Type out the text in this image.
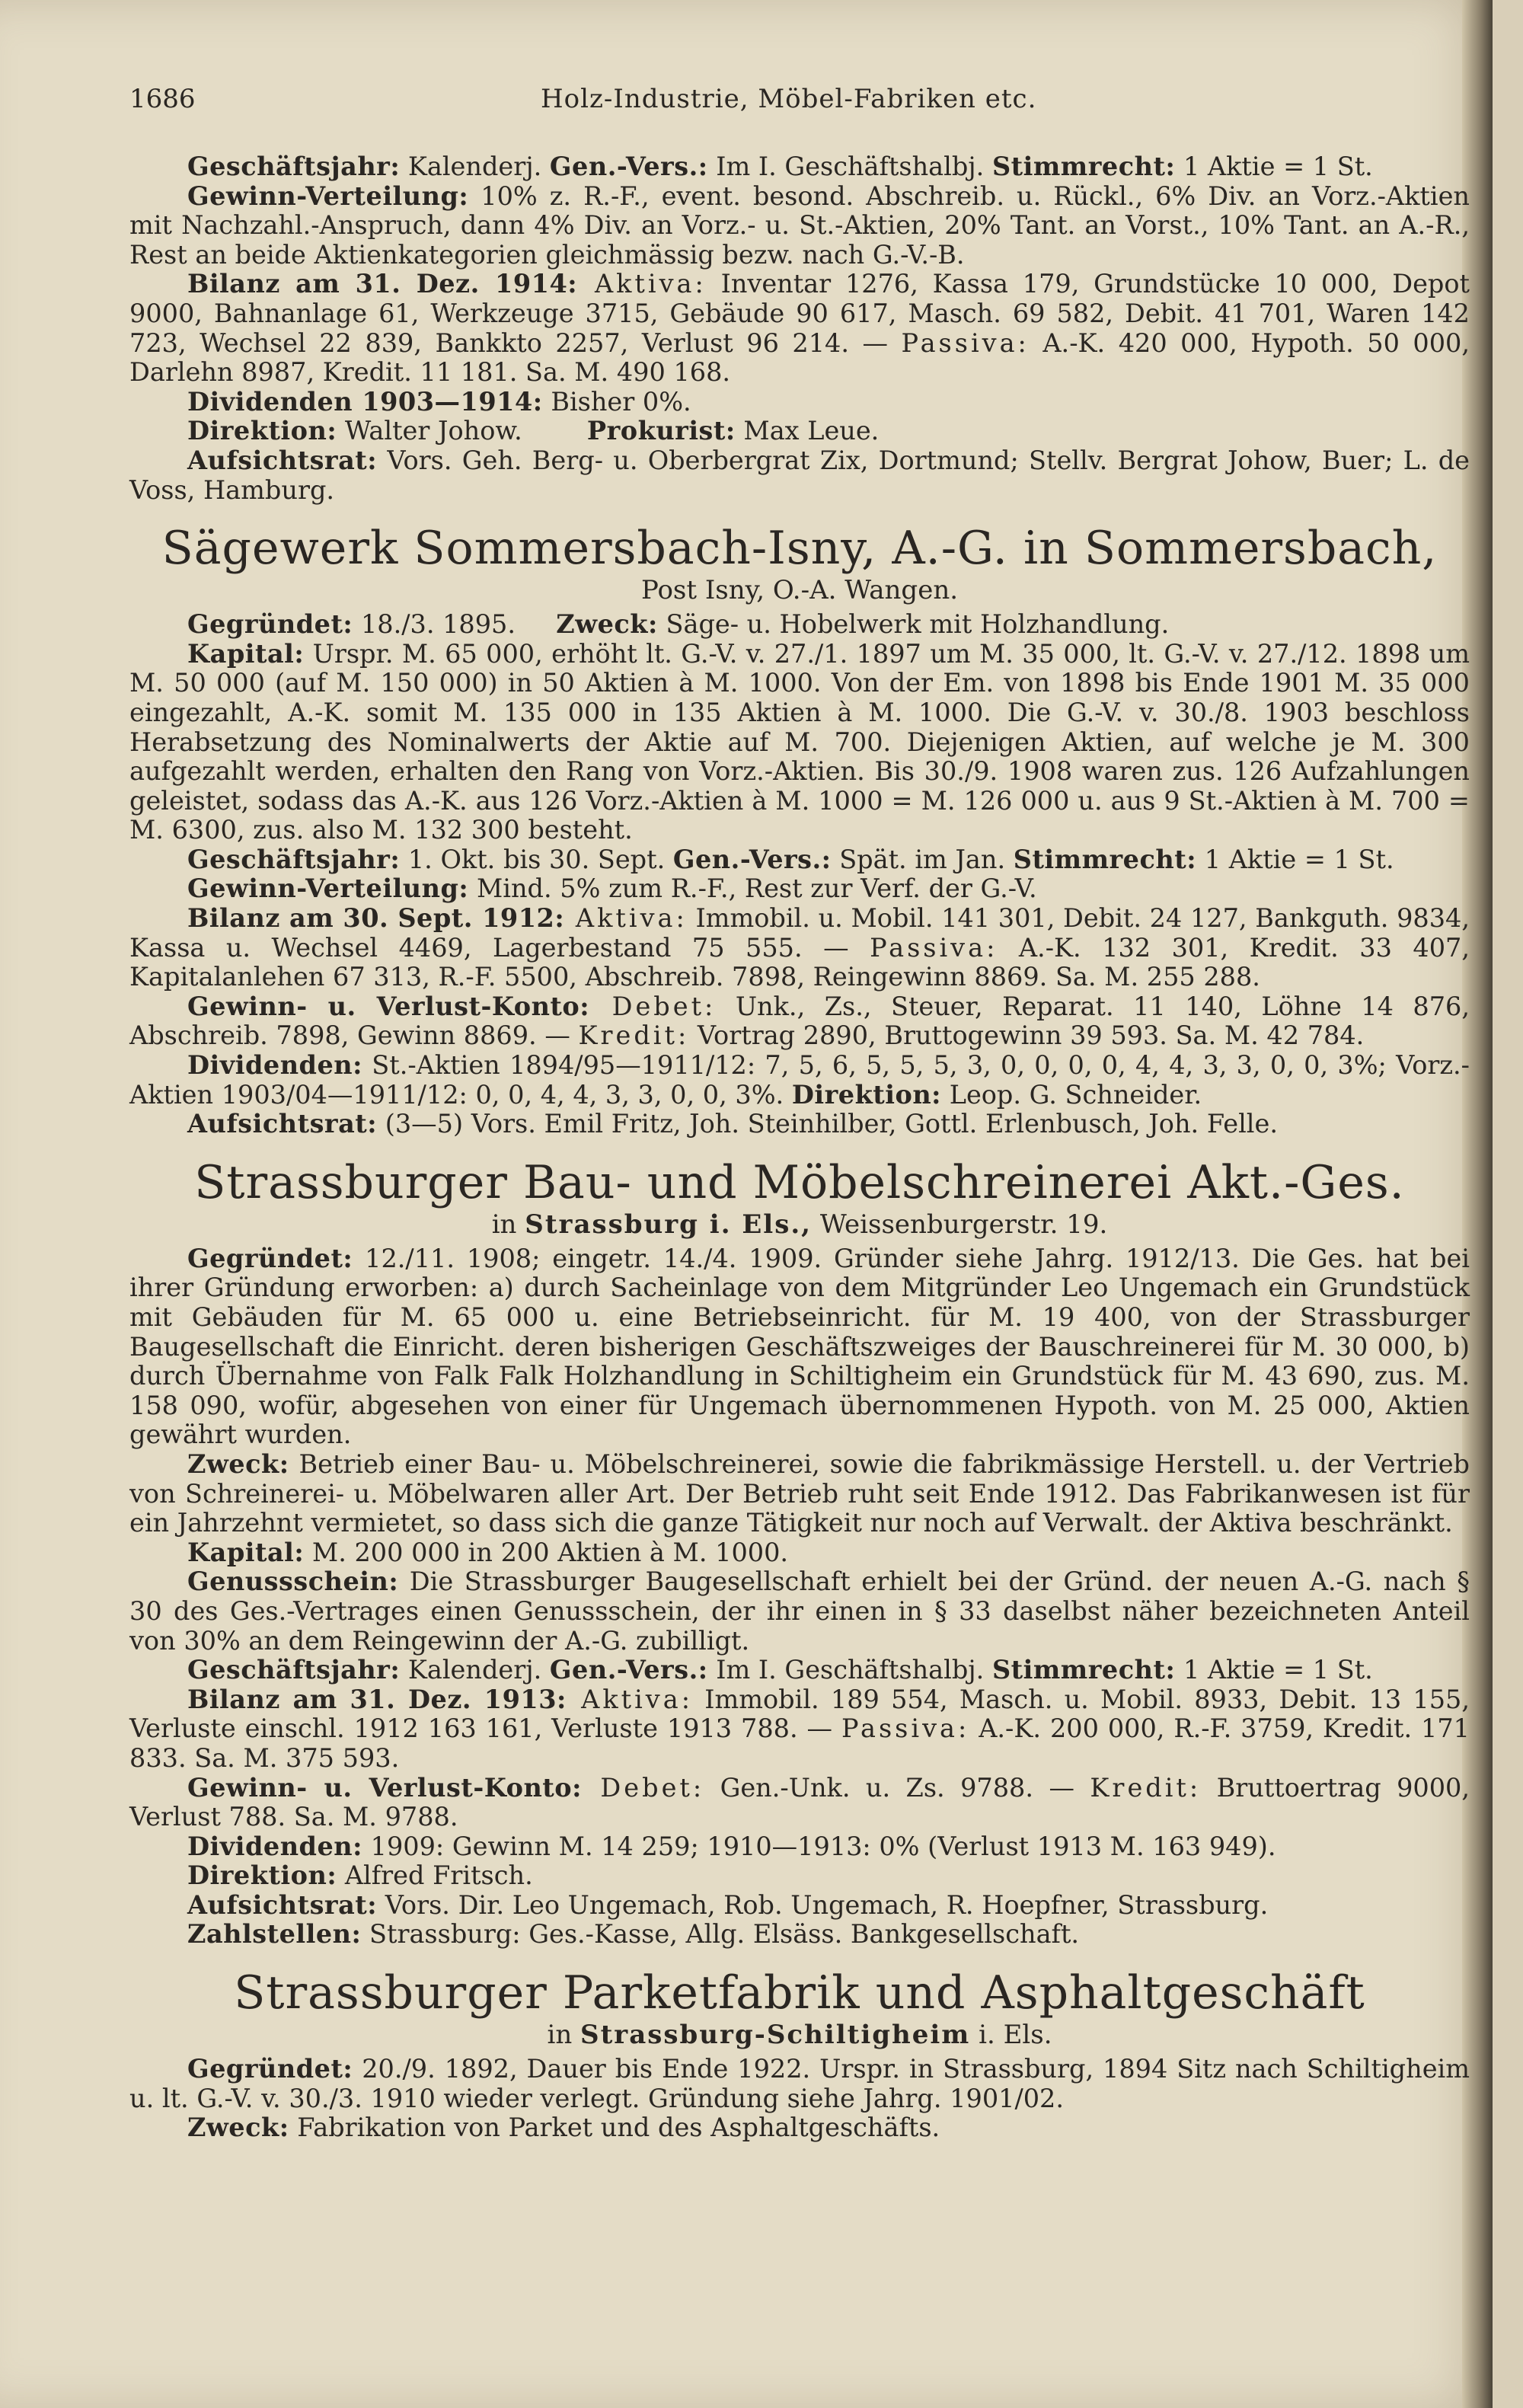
1686	Holz-Industrie, Möbel-Fabriken etc.

Geschäftsjahr: Kalenderj. Gen.-Vers.: Im I. Geschäftshalbj. Stimmrecht: 1 Aktie = 1 St.

Gewinn-Verteilung: 10% z. R.-F., event. besond. Abschreib. u. Rückl., 6% Div. an Vorz.-Aktien mit Nachzahl.-Anspruch, dann 4% Div. an Vorz.- u. St.-Aktien, 20% Tant. an Vorst., 10% Tant. an A.-R., Rest an beide Aktienkategorien gleichmässig bezw. nach G.-V.-B.

Bilanz am 31. Dez. 1914: Aktiva: Inventar 1276, Kassa 179, Grundstücke 10 000, Depot 9000, Bahnanlage 61, Werkzeuge 3715, Gebäude 90 617, Masch. 69 582, Debit. 41 701, Waren 142 723, Wechsel 22 839, Bankkto 2257, Verlust 96 214. — Passiva: A.-K. 420 000, Hypoth. 50 000, Darlehn 8987, Kredit. 11 181. Sa. M. 490 168.

Dividenden 1903—1914: Bisher 0%.

Direktion: Walter Johow.	Prokurist: Max Leue.

Aufsichtsrat: Vors. Geh. Berg- u. Oberbergrat Zix, Dortmund; Stellv. Bergrat Johow, Buer; L. de Voss, Hamburg.

Sägewerk Sommersbach-Isny, A.-G. in Sommersbach,
Post Isny, O.-A. Wangen.

Gegründet: 18./3. 1895.     Zweck: Säge- u. Hobelwerk mit Holzhandlung.

Kapital: Urspr. M. 65 000, erhöht lt. G.-V. v. 27./1. 1897 um M. 35 000, lt. G.-V. v. 27./12. 1898 um M. 50 000 (auf M. 150 000) in 50 Aktien à M. 1000. Von der Em. von 1898 bis Ende 1901 M. 35 000 eingezahlt, A.-K. somit M. 135 000 in 135 Aktien à M. 1000. Die G.-V. v. 30./8. 1903 beschloss Herabsetzung des Nominalwerts der Aktie auf M. 700. Diejenigen Aktien, auf welche je M. 300 aufgezahlt werden, erhalten den Rang von Vorz.-Aktien. Bis 30./9. 1908 waren zus. 126 Aufzahlungen geleistet, sodass das A.-K. aus 126 Vorz.-Aktien à M. 1000 = M. 126 000 u. aus 9 St.-Aktien à M. 700 = M. 6300, zus. also M. 132 300 besteht.

Geschäftsjahr: 1. Okt. bis 30. Sept. Gen.-Vers.: Spät. im Jan. Stimmrecht: 1 Aktie = 1 St.

Gewinn-Verteilung: Mind. 5% zum R.-F., Rest zur Verf. der G.-V.

Bilanz am 30. Sept. 1912: Aktiva: Immobil. u. Mobil. 141 301, Debit. 24 127, Bankguth. 9834, Kassa u. Wechsel 4469, Lagerbestand 75 555. — Passiva: A.-K. 132 301, Kredit. 33 407, Kapitalanlehen 67 313, R.-F. 5500, Abschreib. 7898, Reingewinn 8869. Sa. M. 255 288.

Gewinn- u. Verlust-Konto: Debet: Unk., Zs., Steuer, Reparat. 11 140, Löhne 14 876, Abschreib. 7898, Gewinn 8869. — Kredit: Vortrag 2890, Bruttogewinn 39 593. Sa. M. 42 784.

Dividenden: St.-Aktien 1894/95—1911/12: 7, 5, 6, 5, 5, 5, 3, 0, 0, 0, 0, 4, 4, 3, 3, 0, 0, 3%; Vorz.-Aktien 1903/04—1911/12: 0, 0, 4, 4, 3, 3, 0, 0, 3%. Direktion: Leop. G. Schneider.

Aufsichtsrat: (3—5) Vors. Emil Fritz, Joh. Steinhilber, Gottl. Erlenbusch, Joh. Felle.

Strassburger Bau- und Möbelschreinerei Akt.-Ges.
in Strassburg i. Els., Weissenburgerstr. 19.

Gegründet: 12./11. 1908; eingetr. 14./4. 1909. Gründer siehe Jahrg. 1912/13. Die Ges. hat bei ihrer Gründung erworben: a) durch Sacheinlage von dem Mitgründer Leo Ungemach ein Grundstück mit Gebäuden für M. 65 000 u. eine Betriebseinricht. für M. 19 400, von der Strassburger Baugesellschaft die Einricht. deren bisherigen Geschäftszweiges der Bauschreinerei für M. 30 000, b) durch Übernahme von Falk Falk Holzhandlung in Schiltigheim ein Grundstück für M. 43 690, zus. M. 158 090, wofür, abgesehen von einer für Ungemach übernommenen Hypoth. von M. 25 000, Aktien gewährt wurden.

Zweck: Betrieb einer Bau- u. Möbelschreinerei, sowie die fabrikmässige Herstell. u. der Vertrieb von Schreinerei- u. Möbelwaren aller Art. Der Betrieb ruht seit Ende 1912. Das Fabrikanwesen ist für ein Jahrzehnt vermietet, so dass sich die ganze Tätigkeit nur noch auf Verwalt. der Aktiva beschränkt.

Kapital: M. 200 000 in 200 Aktien à M. 1000.

Genussschein: Die Strassburger Baugesellschaft erhielt bei der Gründ. der neuen A.-G. nach § 30 des Ges.-Vertrages einen Genussschein, der ihr einen in § 33 daselbst näher bezeichneten Anteil von 30% an dem Reingewinn der A.-G. zubilligt.

Geschäftsjahr: Kalenderj. Gen.-Vers.: Im I. Geschäftshalbj. Stimmrecht: 1 Aktie = 1 St.

Bilanz am 31. Dez. 1913: Aktiva: Immobil. 189 554, Masch. u. Mobil. 8933, Debit. 13 155, Verluste einschl. 1912 163 161, Verluste 1913 788. — Passiva: A.-K. 200 000, R.-F. 3759, Kredit. 171 833. Sa. M. 375 593.

Gewinn- u. Verlust-Konto: Debet: Gen.-Unk. u. Zs. 9788. — Kredit: Bruttoertrag 9000, Verlust 788. Sa. M. 9788.

Dividenden: 1909: Gewinn M. 14 259; 1910—1913: 0% (Verlust 1913 M. 163 949).

Direktion: Alfred Fritsch.

Aufsichtsrat: Vors. Dir. Leo Ungemach, Rob. Ungemach, R. Hoepfner, Strassburg.

Zahlstellen: Strassburg: Ges.-Kasse, Allg. Elsäss. Bankgesellschaft.

Strassburger Parketfabrik und Asphaltgeschäft
in Strassburg-Schiltigheim i. Els.

Gegründet: 20./9. 1892, Dauer bis Ende 1922. Urspr. in Strassburg, 1894 Sitz nach Schiltigheim u. lt. G.-V. v. 30./3. 1910 wieder verlegt. Gründung siehe Jahrg. 1901/02.

Zweck: Fabrikation von Parket und des Asphaltgeschäfts.
